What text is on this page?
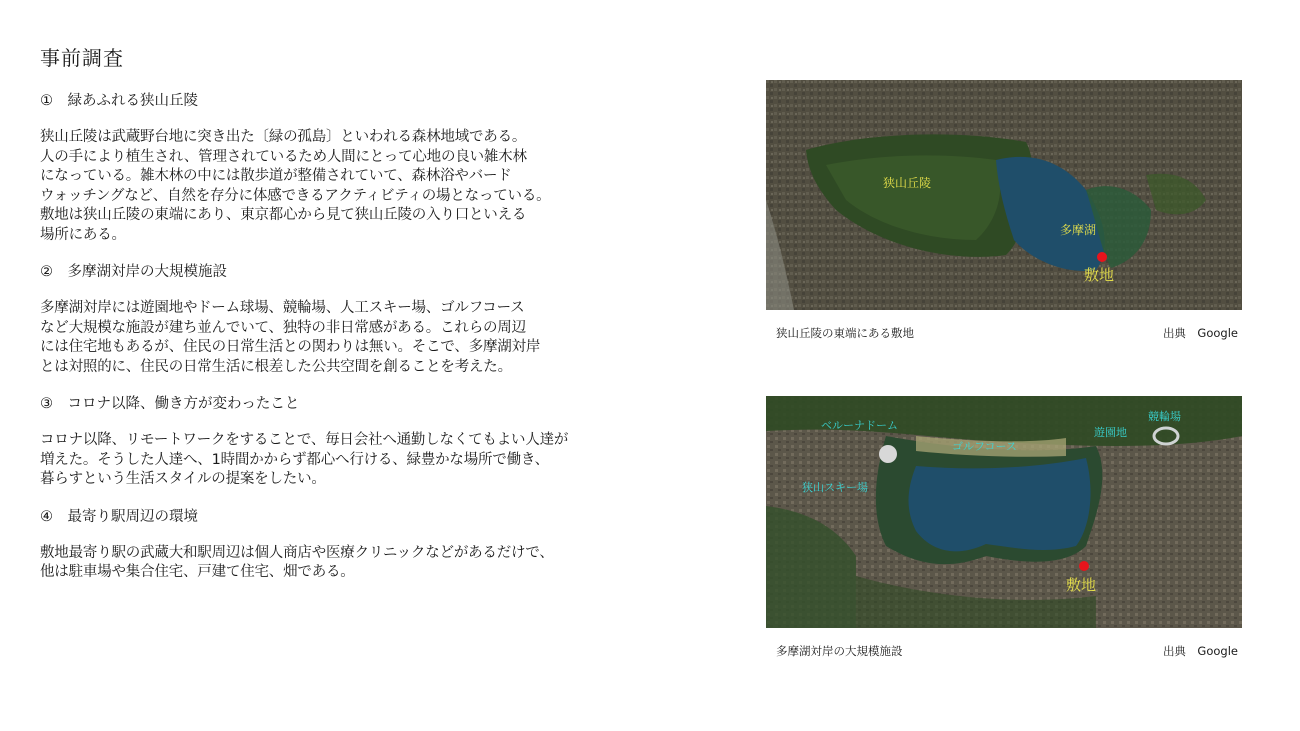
事前調査

①　緑あふれる狭山丘陵

狭山丘陵は武蔵野台地に突き出た〔緑の孤島〕といわれる森林地域である。

人の手により植生され、管理されているため人間にとって心地の良い雑木林

になっている。雑木林の中には散歩道が整備されていて、森林浴やバード

ウォッチングなど、自然を存分に体感できるアクティビティの場となっている。

敷地は狭山丘陵の東端にあり、東京都心から見て狭山丘陵の入り口といえる

場所にある。

②　多摩湖対岸の大規模施設

多摩湖対岸には遊園地やドーム球場、競輪場、人工スキー場、ゴルフコース

など大規模な施設が建ち並んでいて、独特の非日常感がある。これらの周辺

には住宅地もあるが、住民の日常生活との関わりは無い。そこで、多摩湖対岸

とは対照的に、住民の日常生活に根差した公共空間を創ることを考えた。

③　コロナ以降、働き方が変わったこと

コロナ以降、リモートワークをすることで、毎日会社へ通勤しなくてもよい人達が

増えた。そうした人達へ、1時間かからず都心へ行ける、緑豊かな場所で働き、

暮らすという生活スタイルの提案をしたい。

④　最寄り駅周辺の環境

敷地最寄り駅の武蔵大和駅周辺は個人商店や医療クリニックなどがあるだけで、

他は駐車場や集合住宅、戸建て住宅、畑である。

狭山丘陵
多摩湖
敷地
狭山丘陵の東端にある敷地	出典　Google
ベルーナドーム
ゴルフコース
狭山スキー場
遊園地
競輪場
敷地
多摩湖対岸の大規模施設	出典　Google
